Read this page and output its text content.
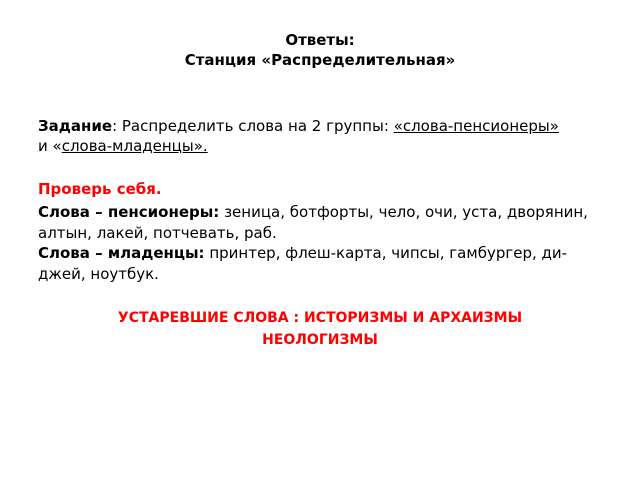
Ответы:
Станция «Распределительная»
Задание: Распределить слова на 2 группы: «слова-пенсионеры»
и «слова-младенцы».
Проверь себя.
Слова – пенсионеры: зеница, ботфорты, чело, очи, уста, дворянин, алтын, лакей, потчевать, раб.
Слова – младенцы: принтер, флеш-карта, чипсы, гамбургер, ди-джей, ноутбук.
УСТАРЕВШИЕ СЛОВА : ИСТОРИЗМЫ И АРХАИЗМЫ
НЕОЛОГИЗМЫ
